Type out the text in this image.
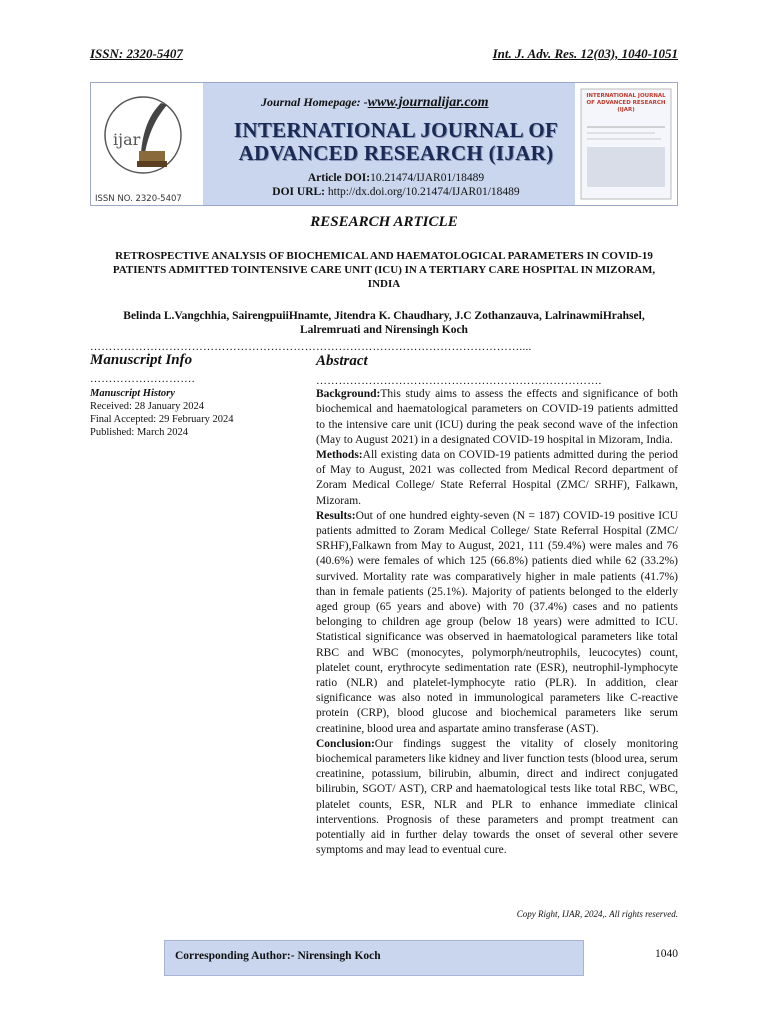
ISSN: 2320-5407	Int. J. Adv. Res. 12(03), 1040-1051
ijar
ISSN NO. 2320-5407
Journal Homepage: -www.journalijar.com
INTERNATIONAL JOURNAL OF
ADVANCED RESEARCH (IJAR)
Article DOI:10.21474/IJAR01/18489
DOI URL: http://dx.doi.org/10.21474/IJAR01/18489
INTERNATIONAL JOURNAL OF ADVANCED RESEARCH (IJAR)
RESEARCH ARTICLE
RETROSPECTIVE ANALYSIS OF BIOCHEMICAL AND HAEMATOLOGICAL PARAMETERS IN COVID-19 PATIENTS ADMITTED TOINTENSIVE CARE UNIT (ICU) IN A TERTIARY CARE HOSPITAL IN MIZORAM, INDIA
Belinda L.Vangchhia, SairengpuiiHnamte, Jitendra K. Chaudhary, J.C Zothanzauva, LalrinawmiHrahsel,
Lalremruati and Nirensingh Koch
……………………………………………………………………………………………………....
Manuscript Info
……………………….
Manuscript History
Received: 28 January 2024
Final Accepted: 29 February 2024
Published: March 2024
Abstract
………………………………………………………………….

Background:This study aims to assess the effects and significance of both biochemical and haematological parameters on COVID-19 patients admitted to the intensive care unit (ICU) during the peak second wave of the infection (May to August 2021) in a designated COVID-19 hospital in Mizoram, India.

Methods:All existing data on COVID-19 patients admitted during the period of May to August, 2021 was collected from Medical Record department of Zoram Medical College/ State Referral Hospital (ZMC/ SRHF), Falkawn, Mizoram.

Results:Out of one hundred eighty-seven (N = 187) COVID-19 positive ICU patients admitted to Zoram Medical College/ State Referral Hospital (ZMC/ SRHF),Falkawn from May to August, 2021, 111 (59.4%) were males and 76 (40.6%) were females of which 125 (66.8%) patients died while 62 (33.2%) survived. Mortality rate was comparatively higher in male patients (41.7%) than in female patients (25.1%). Majority of patients belonged to the elderly aged group (65 years and above) with 70 (37.4%) cases and no patients belonging to children age group (below 18 years) were admitted to ICU. Statistical significance was observed in haematological parameters like total RBC and WBC (monocytes, polymorph/neutrophils, leucocytes) count, platelet count, erythrocyte sedimentation rate (ESR), neutrophil-lymphocyte ratio (NLR) and platelet-lymphocyte ratio (PLR). In addition, clear significance was also noted in immunological parameters like C-reactive protein (CRP), blood glucose and biochemical parameters like serum creatinine, blood urea and aspartate amino transferase (AST).

Conclusion:Our findings suggest the vitality of closely monitoring biochemical parameters like kidney and liver function tests (blood urea, serum creatinine, potassium, bilirubin, albumin, direct and indirect conjugated bilirubin, SGOT/ AST), CRP and haematological tests like total RBC, WBC, platelet counts, ESR, NLR and PLR to enhance immediate clinical interventions. Prognosis of these parameters and prompt treatment can potentially aid in further delay towards the onset of several other severe symptoms and may lead to eventual cure.

Copy Right, IJAR, 2024,. All rights reserved.
Corresponding Author:- Nirensingh Koch	1040
